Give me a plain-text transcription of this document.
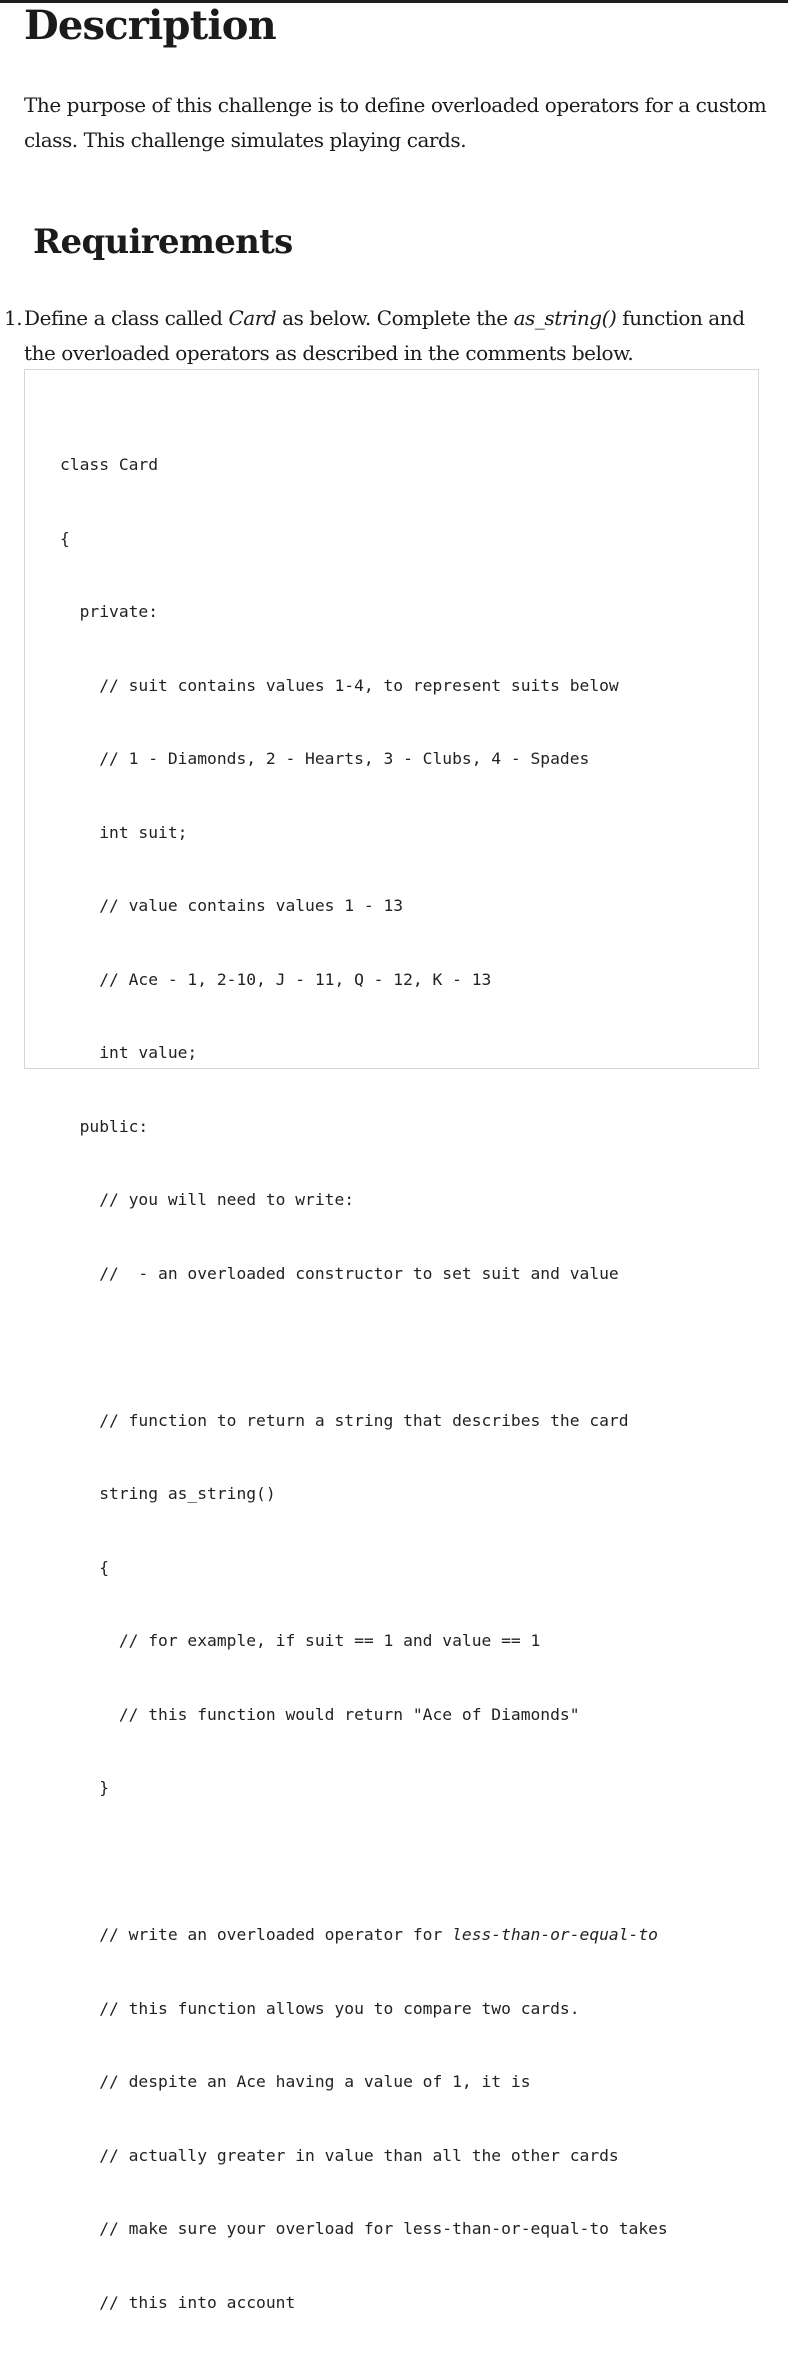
Description

The purpose of this challenge is to define overloaded operators for a custom class. This challenge simulates playing cards.

Requirements
1. Define a class called Card as below. Complete the as_string() function and the overloaded operators as described in the comments below.

class Card

{

private:

// suit contains values 1-4, to represent suits below

// 1 - Diamonds, 2 - Hearts, 3 - Clubs, 4 - Spades

int suit;

// value contains values 1 - 13

// Ace - 1, 2-10, J - 11, Q - 12, K - 13

int value;

public:

// you will need to write:

//  - an overloaded constructor to set suit and value

// function to return a string that describes the card

string as_string()

{

// for example, if suit == 1 and value == 1

// this function would return "Ace of Diamonds"

}

// write an overloaded operator for less-than-or-equal-to

// this function allows you to compare two cards.

// despite an Ace having a value of 1, it is

// actually greater in value than all the other cards

// make sure your overload for less-than-or-equal-to takes

// this into account
